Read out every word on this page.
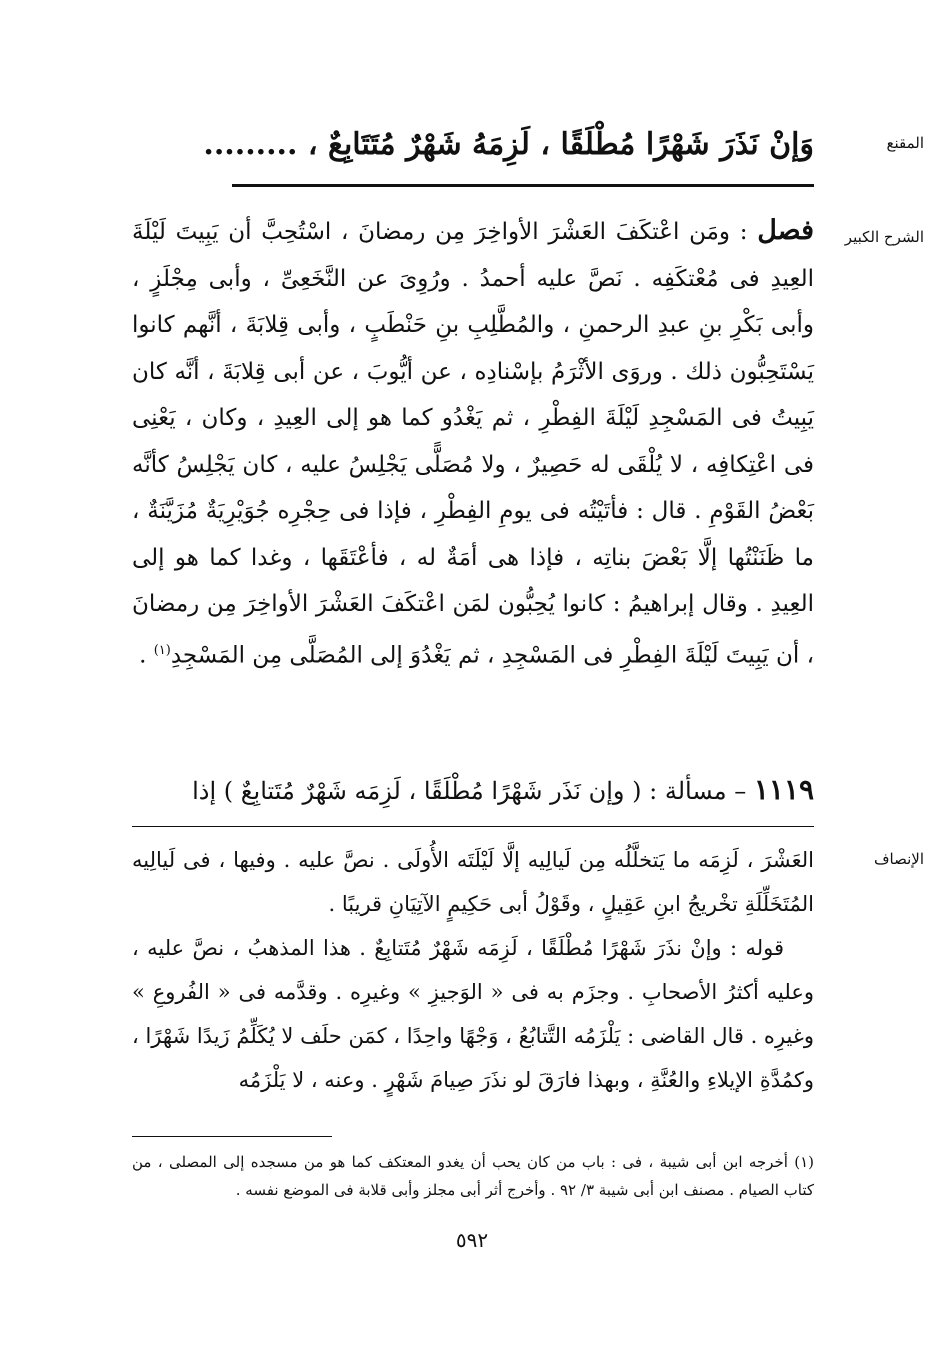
المقنع
وَإنْ نَذَرَ شَهْرًا مُطْلَقًا ، لَزِمَهُ شَهْرٌ مُتَتَابِعٌ ، .........
الشرح الكبير

فصل : ومَن اعْتكَفَ العَشْرَ الأواخِرَ مِن رمضانَ ، اسْتُحِبَّ أن يَبِيتَ لَيْلَةَ العِيدِ فى مُعْتكَفِه . نَصَّ عليه أحمدُ . ورُوِىَ عن النَّخَعِىِّ ، وأبى مِجْلَزٍ ، وأبى بَكْرِ بنِ عبدِ الرحمنِ ، والمُطَّلِبِ بنِ حَنْطَبٍ ، وأبى قِلابَةَ ، أنَّهم كانوا يَسْتَحِبُّون ذلك . وروَى الأثْرَمُ بإسْنادِه ، عن أيُّوبَ ، عن أبى قِلابَةَ ، أنَّه كان يَبِيتُ فى المَسْجِدِ لَيْلَةَ الفِطْرِ ، ثم يَغْدُو كما هو إلى العِيدِ ، وكان ، يَعْنِى فى اعْتِكافِه ، لا يُلْقَى له حَصِيرٌ ، ولا مُصَلًّى يَجْلِسُ عليه ، كان يَجْلِسُ كأنَّه بَعْضُ القَوْمِ . قال : فأتَيْتُه فى يومِ الفِطْرِ ، فإذا فى حِجْرِه جُوَيْرِيَةٌ مُزَيَّنَةٌ ، ما ظَنَنْتُها إلَّا بَعْضَ بناتِه ، فإذا هى أمَةٌ له ، فأعْتَقَها ، وغدا كما هو إلى العِيدِ . وقال إبراهيمُ : كانوا يُحِبُّون لمَن اعْتكَفَ العَشْرَ الأواخِرَ مِن رمضانَ ، أن يَبِيتَ لَيْلَةَ الفِطْرِ فى المَسْجِدِ ، ثم يَغْدُوَ إلى المُصَلَّى مِن المَسْجِدِ$^{(١)}$ .

١١١٩ – مسألة : ( وإن نَذَر شَهْرًا مُطْلَقًا ، لَزِمَه شَهْرٌ مُتَتابِعٌ ) إذا
الإنصاف

العَشْرَ ، لَزِمَه ما يَتخلَّلُه مِن لَيالِيه إلَّا لَيْلَتَه الأُولَى . نصَّ عليه . وفيها ، فى لَيالِيه المُتَخَلِّلَةِ تخْريجُ ابنِ عَقِيلٍ ، وقَوْلُ أبى حَكِيمٍ الآتِيَانِ قريبًا .

قوله : وإنْ نذَرَ شَهْرًا مُطْلَقًا ، لَزِمَه شَهْرٌ مُتَتابِعٌ . هذا المذهبُ ، نصَّ عليه ، وعليه أكثرُ الأصحابِ . وجزَم به فى « الوَجيزِ » وغيرِه . وقدَّمه فى « الفُروعِ » وغيرِه . قال القاضى : يَلْزَمُه التَّتابُعُ ، وَجْهًا واحِدًا ، كمَن حلَف لا يُكَلِّمُ زَيدًا شَهْرًا ، وكمُدَّةِ الإيلاءِ والعُنَّةِ ، وبهذا فارَقَ لو نذَرَ صِيامَ شَهْرٍ . وعنه ، لا يَلْزَمُه

(١) أخرجه ابن أبى شيبة ، فى : باب من كان يحب أن يغدو المعتكف كما هو من مسجده إلى المصلى ، من كتاب الصيام . مصنف ابن أبى شيبة ٣/ ٩٢ . وأخرج أثر أبى مجلز وأبى قلابة فى الموضع نفسه .
٥٩٢
